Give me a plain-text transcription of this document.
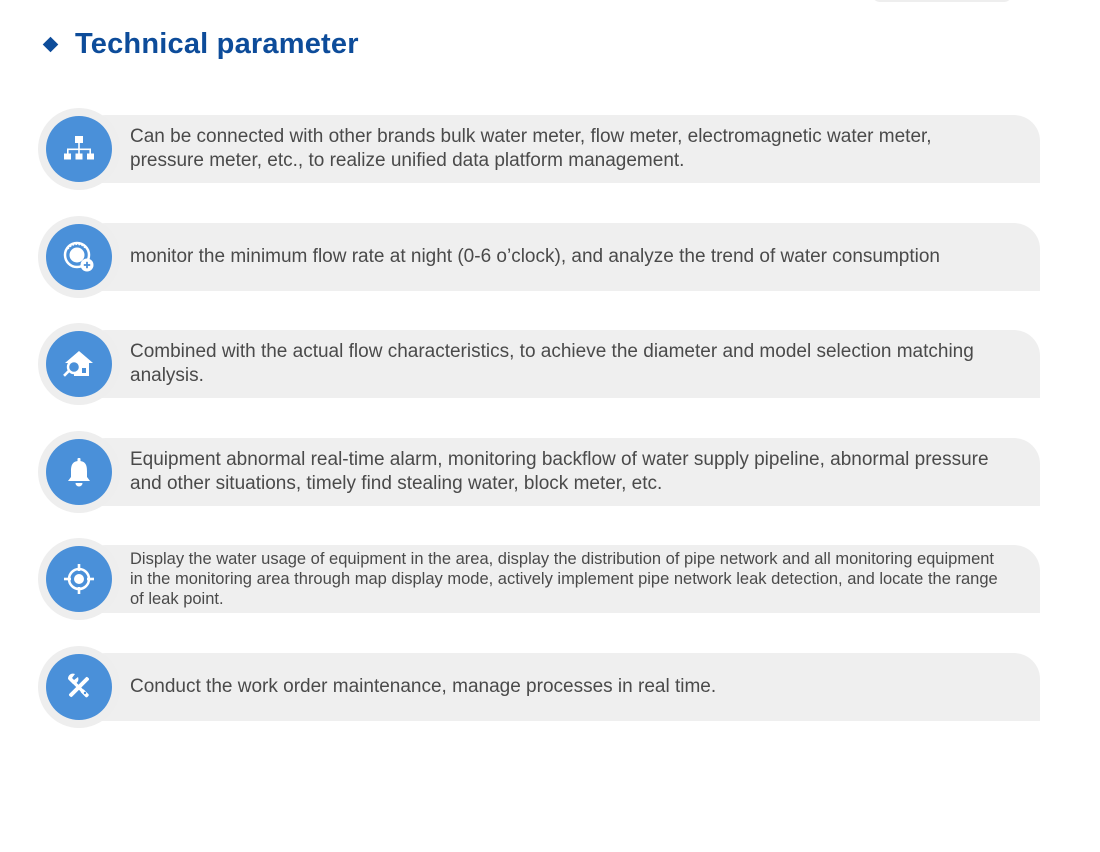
Technical parameter
Can be connected with other brands bulk water meter, flow meter, electromagnetic water meter, pressure meter, etc., to realize unified data platform management.
monitor the minimum flow rate at night (0-6 o’clock), and analyze the trend of water consumption
Combined with the actual flow characteristics, to achieve the diameter and model selection matching analysis.
Equipment abnormal real-time alarm, monitoring backflow of water supply pipeline, abnormal pressure and other situations, timely find stealing water, block meter, etc.
Display the water usage of equipment in the area, display the distribution of pipe network and all monitoring equipment in the monitoring area through map display mode, actively implement pipe network leak detection, and locate the range of leak point.
Conduct the work order maintenance, manage processes in real time.
